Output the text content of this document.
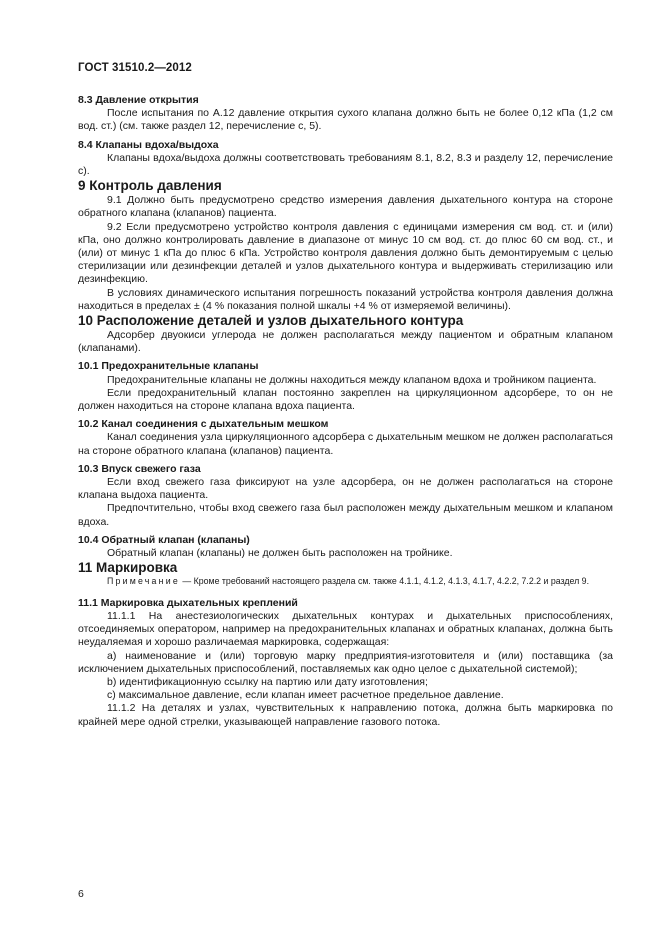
ГОСТ 31510.2—2012

8.3 Давление открытия

После испытания по А.12 давление открытия сухого клапана должно быть не более 0,12 кПа (1,2 см вод. ст.) (см. также раздел 12, перечисление с, 5).

8.4 Клапаны вдоха/выдоха

Клапаны вдоха/выдоха должны соответствовать требованиям 8.1, 8.2, 8.3 и разделу 12, перечисление с).

9 Контроль давления

9.1 Должно быть предусмотрено средство измерения давления дыхательного контура на стороне обратного клапана (клапанов) пациента.

9.2 Если предусмотрено устройство контроля давления с единицами измерения см вод. ст. и (или) кПа, оно должно контролировать давление в диапазоне от минус 10 см вод. ст. до плюс 60 см вод. ст., и (или) от минус 1 кПа до плюс 6 кПа. Устройство контроля давления должно быть демонтируемым с целью стерилизации или дезинфекции деталей и узлов дыхательного контура и выдерживать стерилизацию или дезинфекцию.

В условиях динамического испытания погрешность показаний устройства контроля давления должна находиться в пределах ± (4 % показания полной шкалы +4 % от измеряемой величины).

10 Расположение деталей и узлов дыхательного контура

Адсорбер двуокиси углерода не должен располагаться между пациентом и обратным клапаном (клапанами).

10.1 Предохранительные клапаны

Предохранительные клапаны не должны находиться между клапаном вдоха и тройником пациента.

Если предохранительный клапан постоянно закреплен на циркуляционном адсорбере, то он не должен находиться на стороне клапана вдоха пациента.

10.2 Канал соединения с дыхательным мешком

Канал соединения узла циркуляционного адсорбера с дыхательным мешком не должен располагаться на стороне обратного клапана (клапанов) пациента.

10.3 Впуск свежего газа

Если вход свежего газа фиксируют на узле адсорбера, он не должен располагаться на стороне клапана выдоха пациента.

Предпочтительно, чтобы вход свежего газа был расположен между дыхательным мешком и клапаном вдоха.

10.4 Обратный клапан (клапаны)

Обратный клапан (клапаны) не должен быть расположен на тройнике.

11 Маркировка

Примечание — Кроме требований настоящего раздела см. также 4.1.1, 4.1.2, 4.1.3, 4.1.7, 4.2.2, 7.2.2 и раздел 9.

11.1 Маркировка дыхательных креплений

11.1.1 На анестезиологических дыхательных контурах и дыхательных приспособлениях, отсоединяемых оператором, например на предохранительных клапанах и обратных клапанах, должна быть неудаляемая и хорошо различаемая маркировка, содержащая:

а) наименование и (или) торговую марку предприятия-изготовителя и (или) поставщика (за исключением дыхательных приспособлений, поставляемых как одно целое с дыхательной системой);

b) идентификационную ссылку на партию или дату изготовления;

с) максимальное давление, если клапан имеет расчетное предельное давление.

11.1.2 На деталях и узлах, чувствительных к направлению потока, должна быть маркировка по крайней мере одной стрелки, указывающей направление газового потока.

6
